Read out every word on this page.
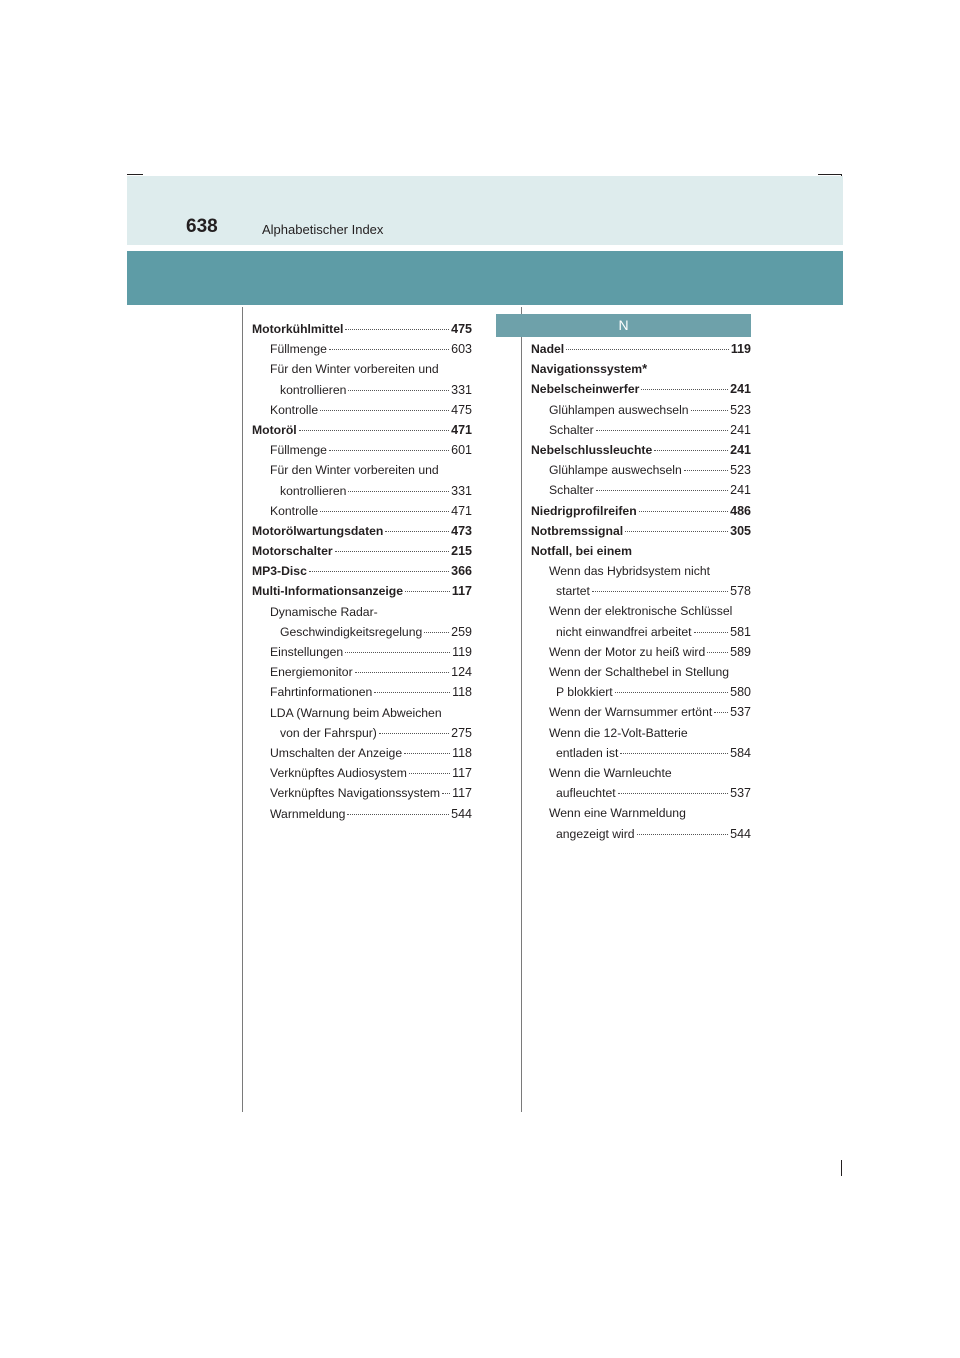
638	Alphabetischer Index
Motorkühlmittel	475
Füllmenge	603
Für den Winter vorbereiten und
kontrollieren	331
Kontrolle	475
Motoröl	471
Füllmenge	601
Für den Winter vorbereiten und
kontrollieren	331
Kontrolle	471
Motorölwartungsdaten	473
Motorschalter	215
MP3-Disc	366
Multi-Informationsanzeige	117
Dynamische Radar-
Geschwindigkeitsregelung 259
Einstellungen	119
Energiemonitor	124
Fahrtinformationen	118
LDA (Warnung beim Abweichen
von der Fahrspur)	275
Umschalten der Anzeige	118
Verknüpftes Audiosystem	117
Verknüpftes Navigationssystem 117
Warnmeldung	544
N
Nadel	119
Navigationssystem *
Nebelscheinwerfer	241
Glühlampen auswechseln	523
Schalter	241
Nebelschlussleuchte	241
Glühlampe auswechseln	523
Schalter	241
Niedrigprofilreifen	486
Notbremssignal	305
Notfall, bei einem
Wenn das Hybridsystem nicht
startet	578
Wenn der elektronische Schlüssel
nicht einwandfrei arbeitet	581
Wenn der Motor zu heiß wird 589
Wenn der Schalthebel in Stellung
P blokkiert	580
Wenn der Warnsummer ertönt 537
Wenn die 12-Volt-Batterie
entladen ist	584
Wenn die Warnleuchte
aufleuchtet	537
Wenn eine Warnmeldung
angezeigt wird	544
